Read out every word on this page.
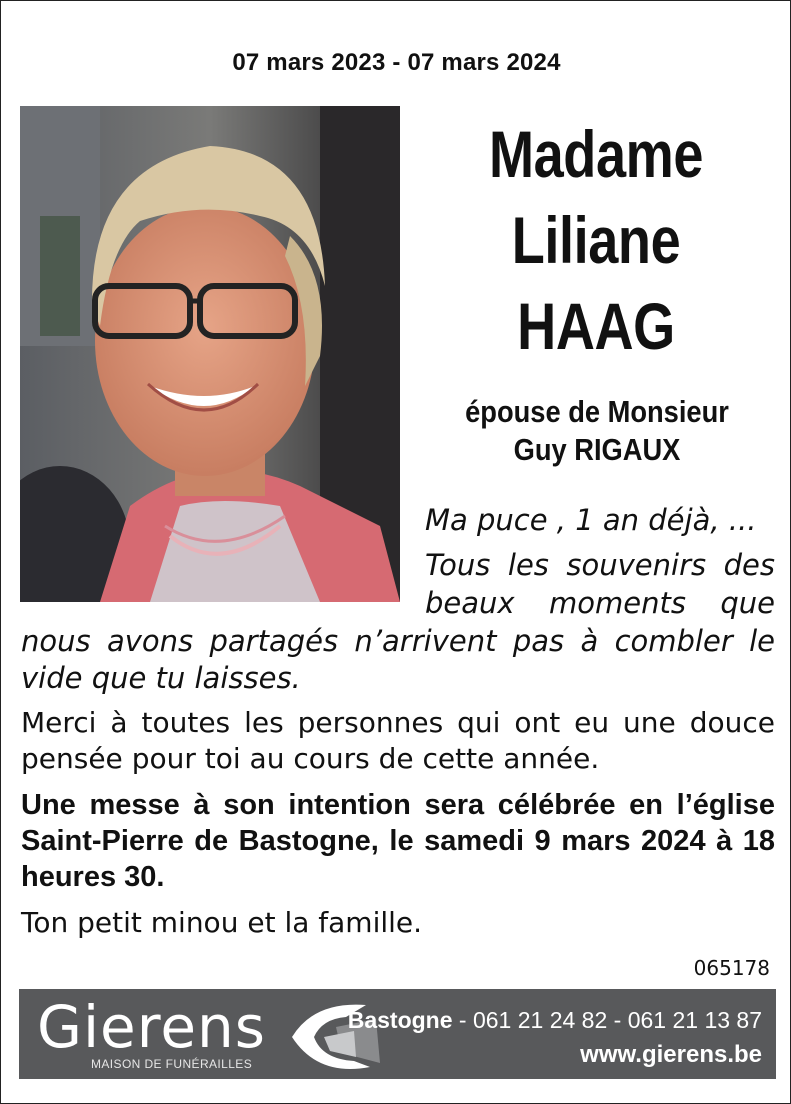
07 mars 2023 - 07 mars 2024
Madame
Liliane
HAAG
épouse de Monsieur
Guy RIGAUX
Ma puce , 1 an déjà, ...
Tous les souvenirs des
beaux moments que
nous avons partagés n’arrivent pas à combler le
vide que tu laisses.
Merci à toutes les personnes qui ont eu une douce pensée pour toi au cours de cette année.
Une messe à son intention sera célébrée en l’église Saint-Pierre de Bastogne, le samedi 9 mars 2024 à 18 heures 30.
Ton petit minou et la famille.
065178
Gierens
MAISON DE FUNÉRAILLES
Bastogne - 061 21 24 82 - 061 21 13 87
www.gierens.be
